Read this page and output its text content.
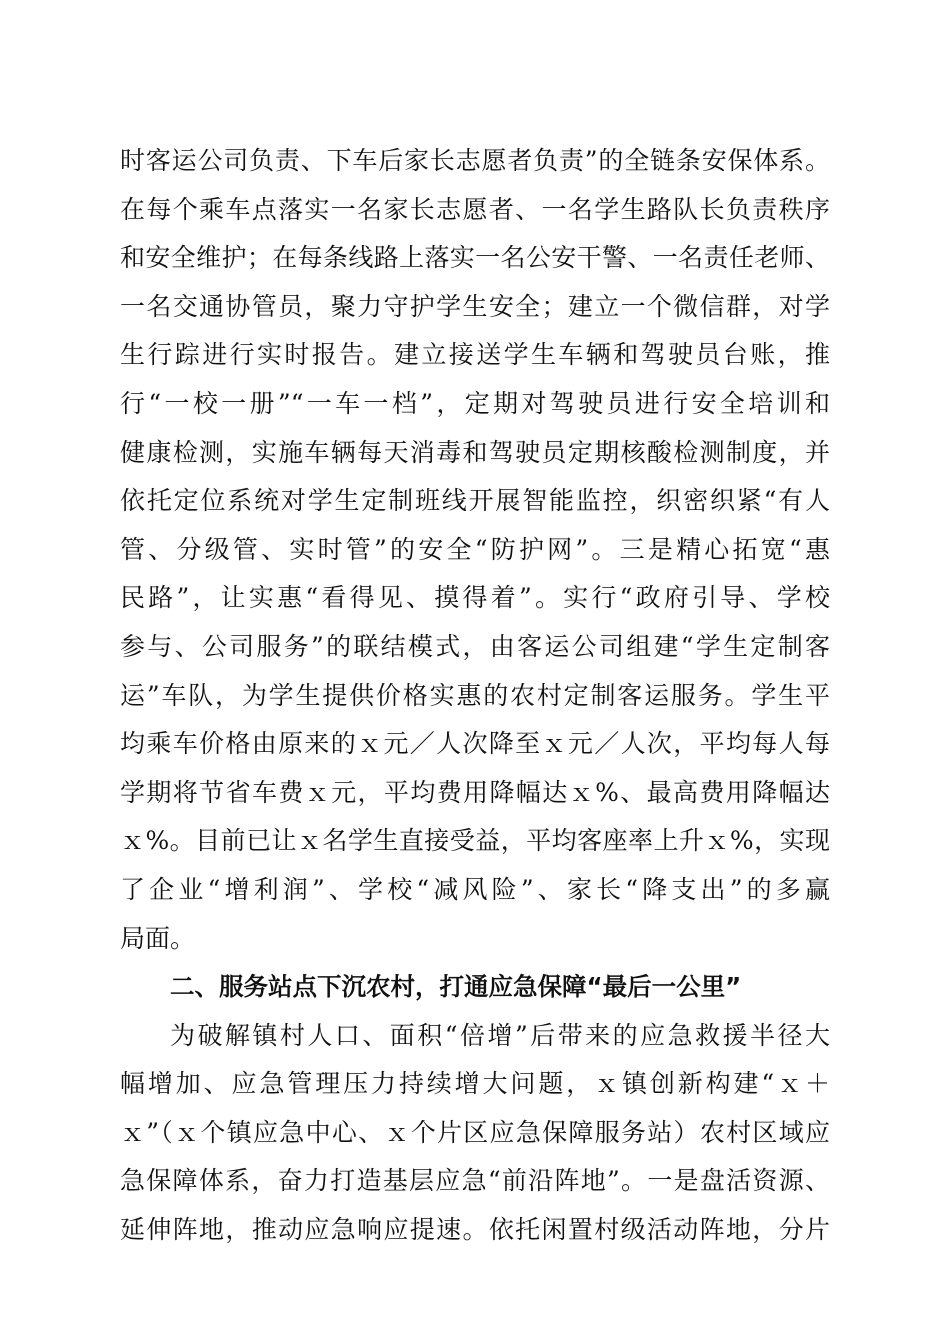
时客运公司负责、下车后家长志愿者负责”的全链条安保体系。
在每个乘车点落实一名家长志愿者、一名学生路队长负责秩序
和安全维护；在每条线路上落实一名公安干警、一名责任老师、
一名交通协管员，聚力守护学生安全；建立一个微信群，对学
生行踪进行实时报告。建立接送学生车辆和驾驶员台账，推
行“一校一册”“一车一档”，定期对驾驶员进行安全培训和
健康检测，实施车辆每天消毒和驾驶员定期核酸检测制度，并
依托定位系统对学生定制班线开展智能监控，织密织紧“有人
管、分级管、实时管”的安全“防护网”。三是精心拓宽“惠
民路”，让实惠“看得见、摸得着”。实行“政府引导、学校
参与、公司服务”的联结模式，由客运公司组建“学生定制客
运”车队，为学生提供价格实惠的农村定制客运服务。学生平
均乘车价格由原来的ｘ元／人次降至ｘ元／人次，平均每人每
学期将节省车费ｘ元，平均费用降幅达ｘ%、最高费用降幅达
ｘ%。目前已让ｘ名学生直接受益，平均客座率上升ｘ%，实现
了企业“增利润”、学校“减风险”、家长“降支出”的多赢
局面。
二、服务站点下沉农村，打通应急保障“最后一公里”
为破解镇村人口、面积“倍增”后带来的应急救援半径大
幅增加、应急管理压力持续增大问题，ｘ镇创新构建“ｘ＋
ｘ”（ｘ个镇应急中心、ｘ个片区应急保障服务站）农村区域应
急保障体系，奋力打造基层应急“前沿阵地”。一是盘活资源、
延伸阵地，推动应急响应提速。依托闲置村级活动阵地，分片
